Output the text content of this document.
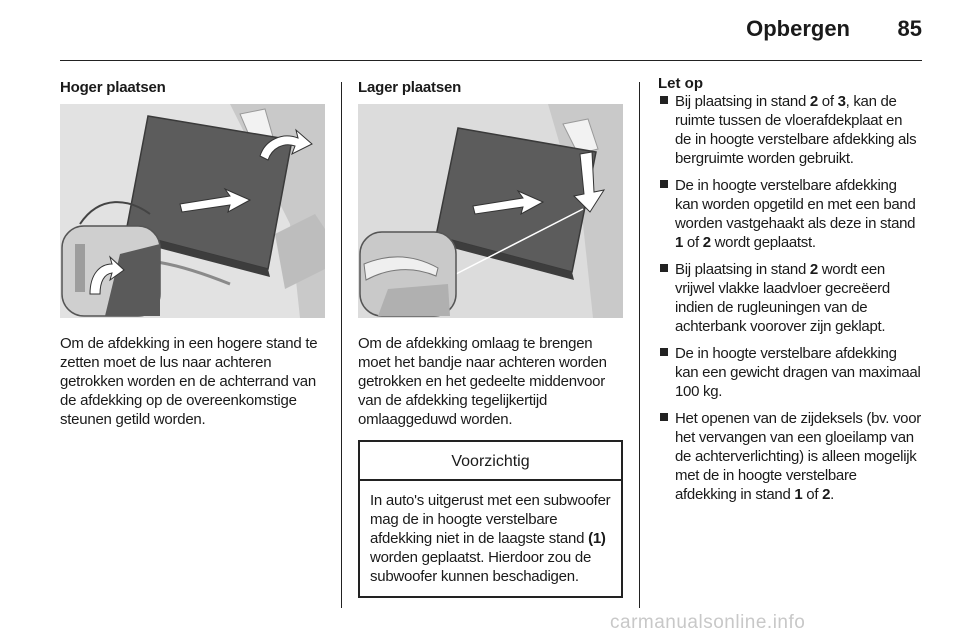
Opbergen	85
Hoger plaatsen
Om de afdekking in een hogere stand te zetten moet de lus naar achteren getrokken worden en de achterrand van de afdekking op de overeenkomstige steunen getild worden.
Lager plaatsen
Om de afdekking omlaag te brengen moet het bandje naar achteren worden getrokken en het gedeelte middenvoor van de afdekking tegelijkertijd omlaaggeduwd worden.
Voorzichtig
In auto's uitgerust met een subwoofer mag de in hoogte verstelbare afdekking niet in de laagste stand (1) worden geplaatst. Hierdoor zou de subwoofer kunnen beschadigen.
Let op
Bij plaatsing in stand 2 of 3, kan de ruimte tussen de vloerafdekplaat en de in hoogte verstelbare afdekking als bergruimte worden gebruikt.
De in hoogte verstelbare afdekking kan worden opgetild en met een band worden vastgehaakt als deze in stand 1 of 2 wordt geplaatst.
Bij plaatsing in stand 2 wordt een vrijwel vlakke laadvloer gecreëerd indien de rugleuningen van de achterbank voorover zijn geklapt.
De in hoogte verstelbare afdekking kan een gewicht dragen van maximaal 100 kg.
Het openen van de zijdeksels (bv. voor het vervangen van een gloeilamp van de achterverlichting) is alleen mogelijk met de in hoogte verstelbare afdekking in stand 1 of 2.
carmanualsonline.info
